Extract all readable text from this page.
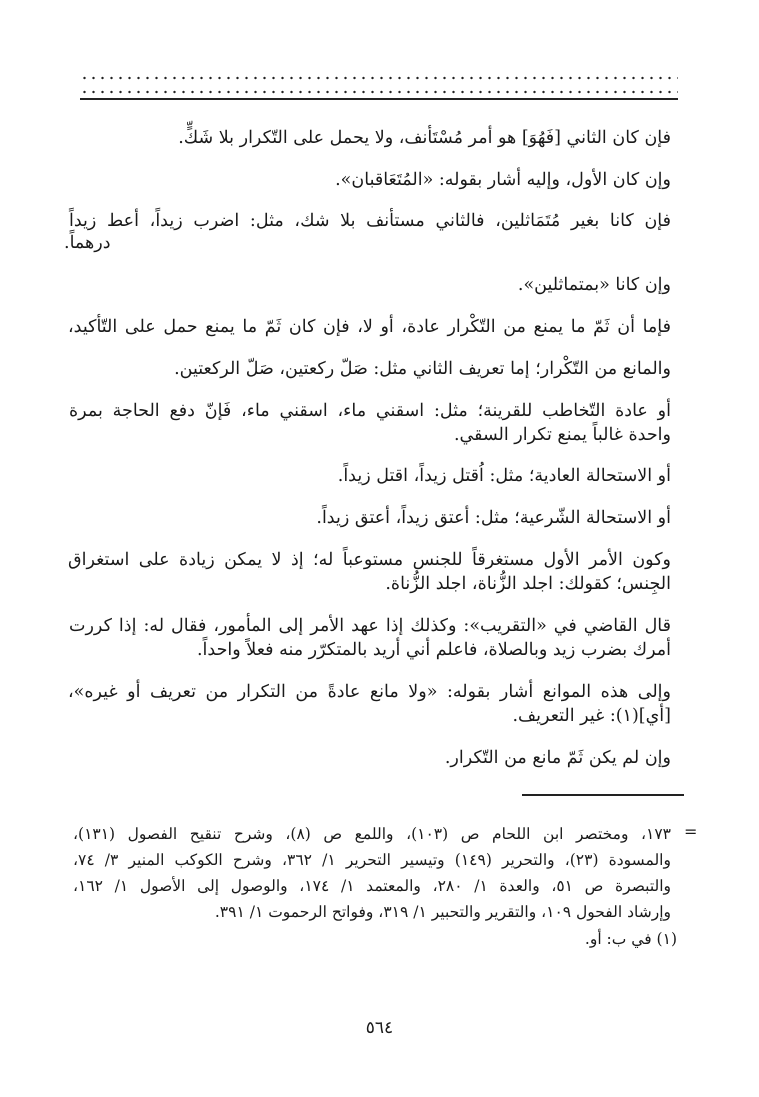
فإن كان الثاني [فَهُوَ] هو أمر مُسْتَأنف، ولا يحمل على التّكرار بلا شَكٍّ.
وإن كان الأول، وإليه أشار بقوله: «المُتَعَاقبان».
فإن كانا بغير مُتَمَاثلين، فالثاني مستأنف بلا شك، مثل: اضرب زيداً، أعط زيداً
درهماً.
وإن كانا «بمتماثلين».
فإما أن ثَمّ ما يمنع من التّكْرار عادة، أو لا، فإن كان ثَمّ ما يمنع حمل على التّأكيد،
والمانع من التّكْرار؛ إما تعريف الثاني مثل: صَلّ ركعتين، صَلّ الركعتين.
أو عادة التّخاطب للقرينة؛ مثل: اسقني ماء، اسقني ماء، فَإنّ دفع الحاجة بمرة
واحدة غالباً يمنع تكرار السقي.
أو الاستحالة العادية؛ مثل: اُقتل زيداً، اقتل زيداً.
أو الاستحالة الشّرعية؛ مثل: أعتق زيداً، أعتق زيداً.
وكون الأمر الأول مستغرقاً للجنس مستوعباً له؛ إذ لا يمكن زيادة على استغراق
الجِنس؛ كقولك: اجلد الزُّناة، اجلد الزُّناة.
قال القاضي في «التقريب»: وكذلك إذا عهد الأمر إلى المأمور، فقال له: إذا كررت
أمرك بضرب زيد وبالصلاة، فاعلم أني أريد بالمتكرّر منه فعلاً واحداً.
وإلى هذه الموانع أشار بقوله: «ولا مانع عادةً من التكرار من تعريف أو غيره»،
[أي](١): غير التعريف.
وإن لم يكن ثَمّ مانع من التّكرار.
=
١٧٣، ومختصر ابن اللحام ص (١٠٣)، واللمع ص (٨)، وشرح تنقيح الفصول (١٣١)،
والمسودة (٢٣)، والتحرير (١٤٩) وتيسير التحرير ١/ ٣٦٢، وشرح الكوكب المنير ٣/ ٧٤،
والتبصرة ص ٥١، والعدة ١/ ٢٨٠، والمعتمد ١/ ١٧٤، والوصول إلى الأصول ١/ ١٦٢،
وإرشاد الفحول ١٠٩، والتقرير والتحبير ١/ ٣١٩، وفواتح الرحموت ١/ ٣٩١.
(١) في ب: أو.
٥٦٤
